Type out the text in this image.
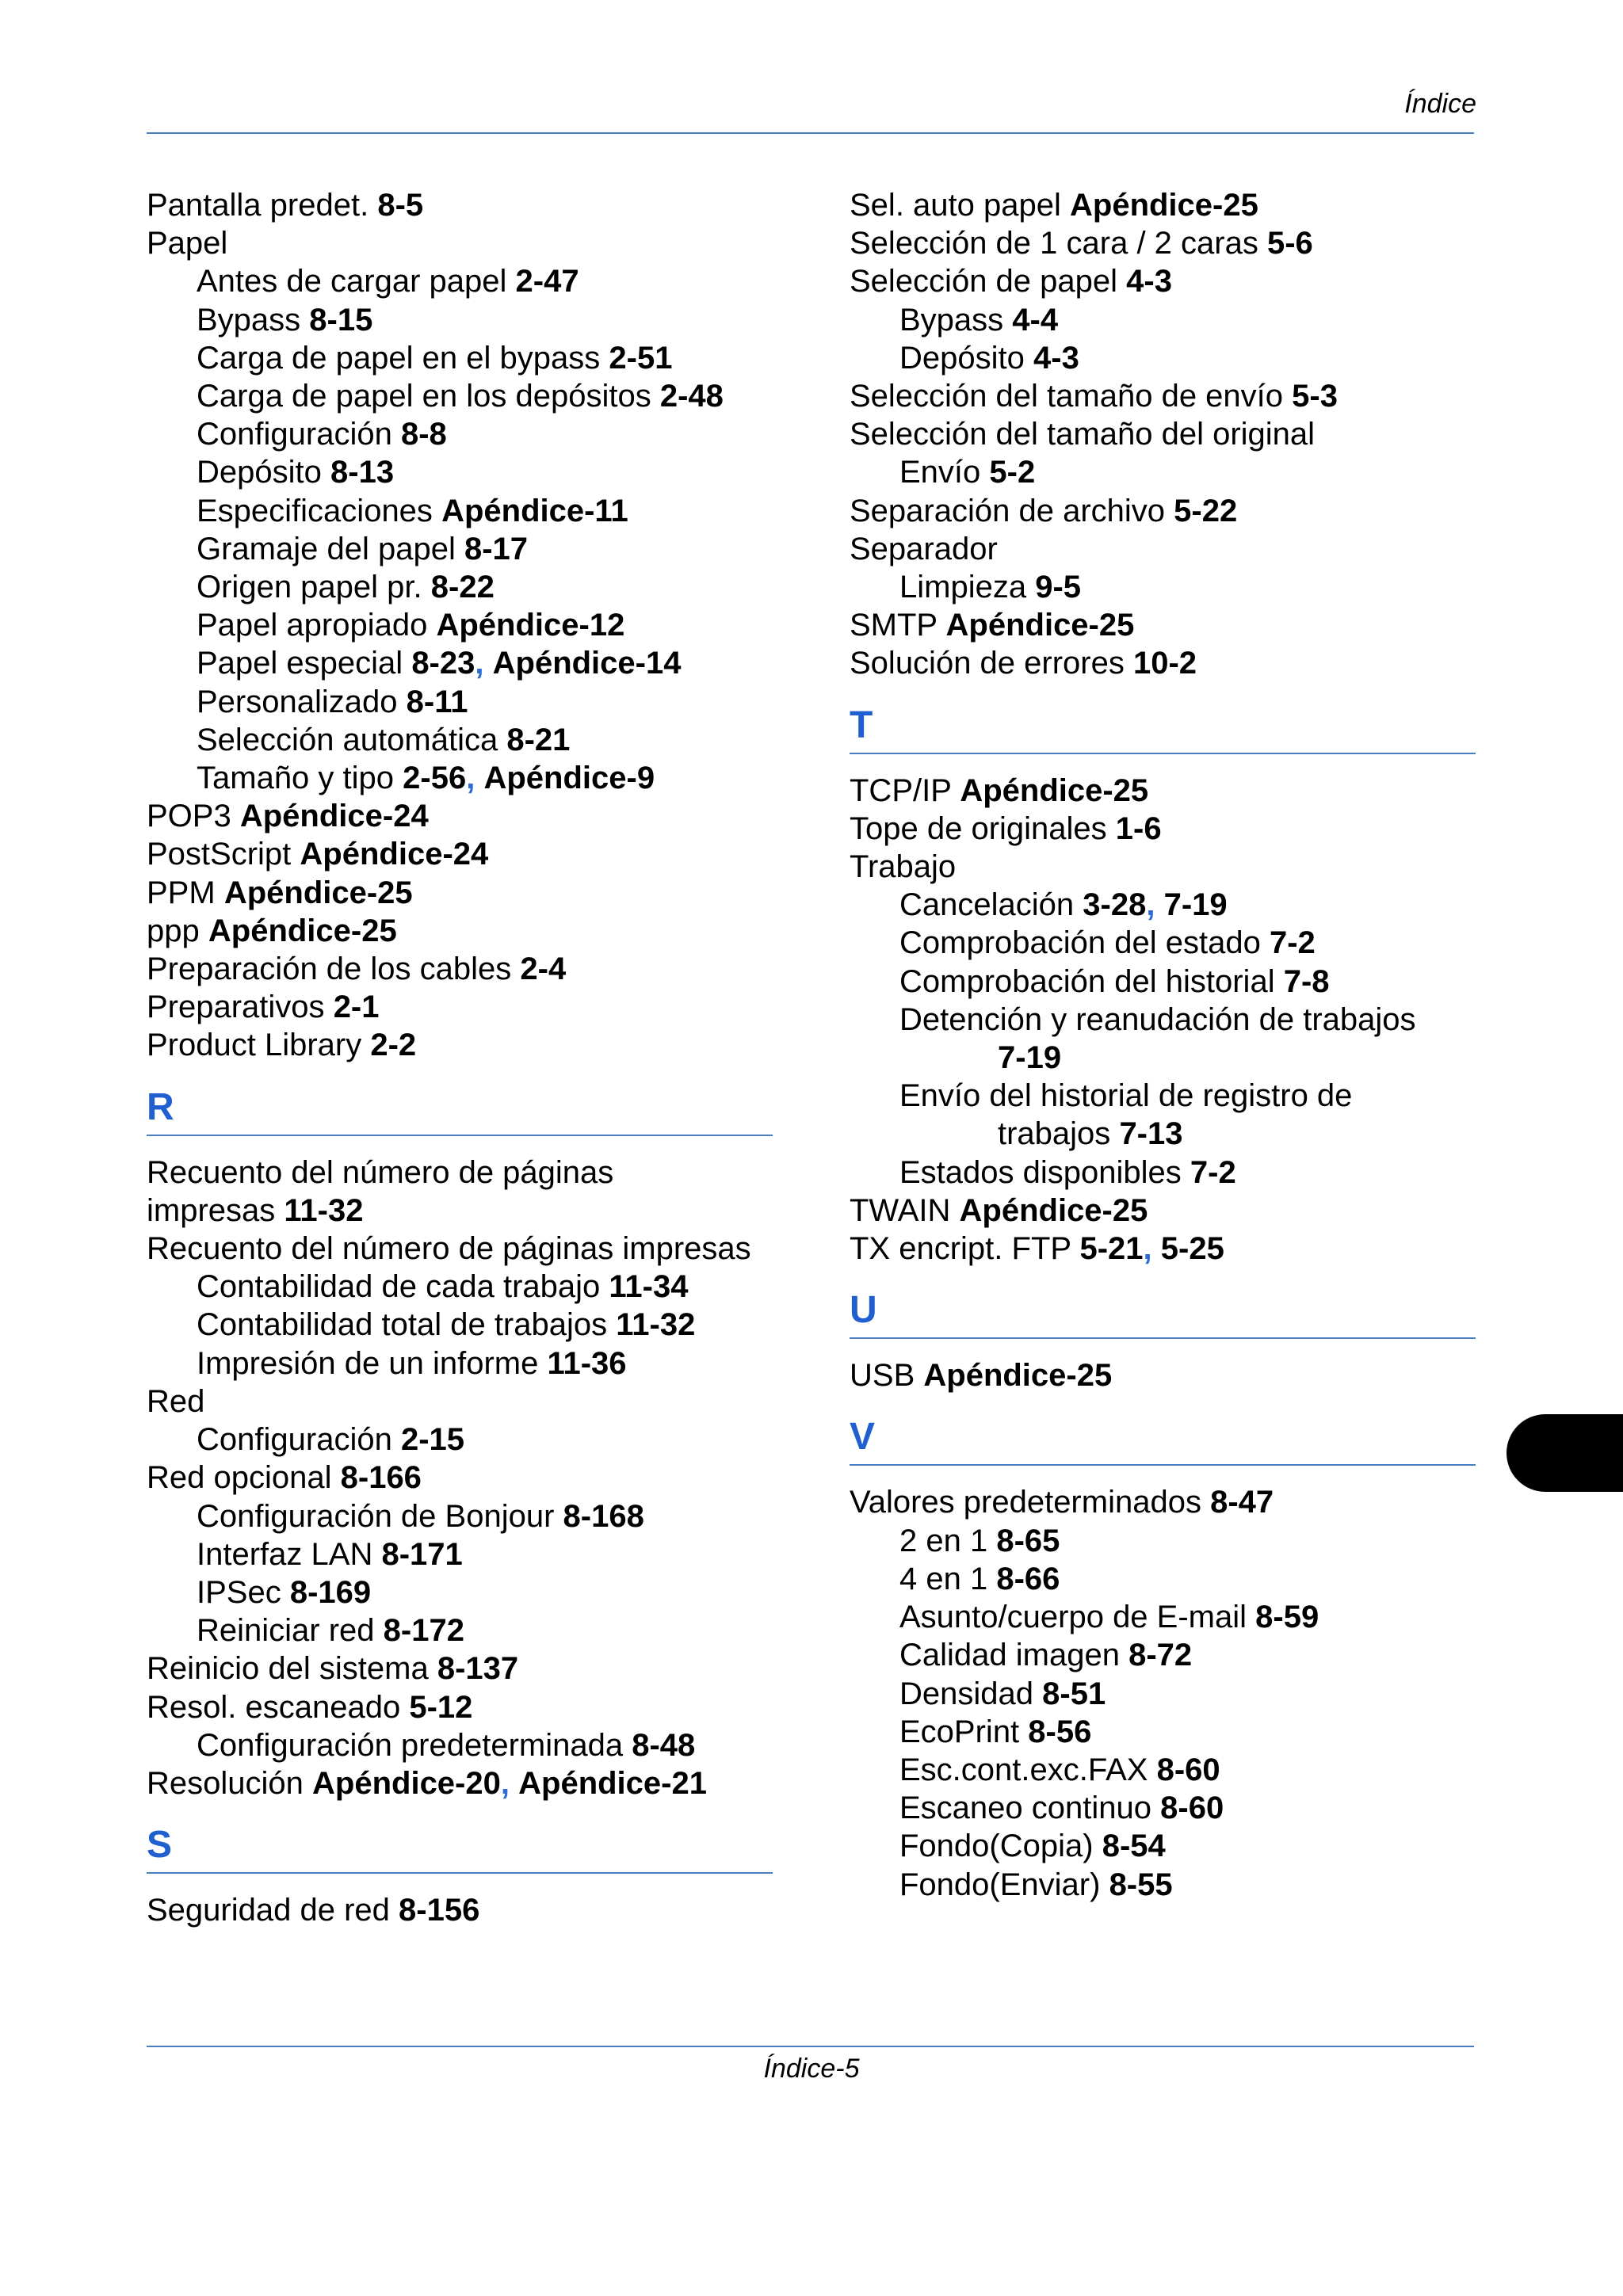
Índice
Pantalla predet. 8-5
Papel
Antes de cargar papel 2-47
Bypass 8-15
Carga de papel en el bypass 2-51
Carga de papel en los depósitos 2-48
Configuración 8-8
Depósito 8-13
Especificaciones Apéndice-11
Gramaje del papel 8-17
Origen papel pr. 8-22
Papel apropiado Apéndice-12
Papel especial 8-23, Apéndice-14
Personalizado 8-11
Selección automática 8-21
Tamaño y tipo 2-56, Apéndice-9
POP3 Apéndice-24
PostScript Apéndice-24
PPM Apéndice-25
ppp Apéndice-25
Preparación de los cables 2-4
Preparativos 2-1
Product Library 2-2
R
Recuento del número de páginas
impresas 11-32
Recuento del número de páginas impresas
Contabilidad de cada trabajo 11-34
Contabilidad total de trabajos 11-32
Impresión de un informe 11-36
Red
Configuración 2-15
Red opcional 8-166
Configuración de Bonjour 8-168
Interfaz LAN 8-171
IPSec 8-169
Reiniciar red 8-172
Reinicio del sistema 8-137
Resol. escaneado 5-12
Configuración predeterminada 8-48
Resolución Apéndice-20, Apéndice-21
S
Seguridad de red 8-156
Sel. auto papel Apéndice-25
Selección de 1 cara / 2 caras 5-6
Selección de papel 4-3
Bypass 4-4
Depósito 4-3
Selección del tamaño de envío 5-3
Selección del tamaño del original
Envío 5-2
Separación de archivo 5-22
Separador
Limpieza 9-5
SMTP Apéndice-25
Solución de errores 10-2
T
TCP/IP Apéndice-25
Tope de originales 1-6
Trabajo
Cancelación 3-28, 7-19
Comprobación del estado 7-2
Comprobación del historial 7-8
Detención y reanudación de trabajos
7-19
Envío del historial de registro de
trabajos 7-13
Estados disponibles 7-2
TWAIN Apéndice-25
TX encript. FTP 5-21, 5-25
U
USB Apéndice-25
V
Valores predeterminados 8-47
2 en 1 8-65
4 en 1 8-66
Asunto/cuerpo de E-mail 8-59
Calidad imagen 8-72
Densidad 8-51
EcoPrint 8-56
Esc.cont.exc.FAX 8-60
Escaneo continuo 8-60
Fondo(Copia) 8-54
Fondo(Enviar) 8-55
Índice-5
